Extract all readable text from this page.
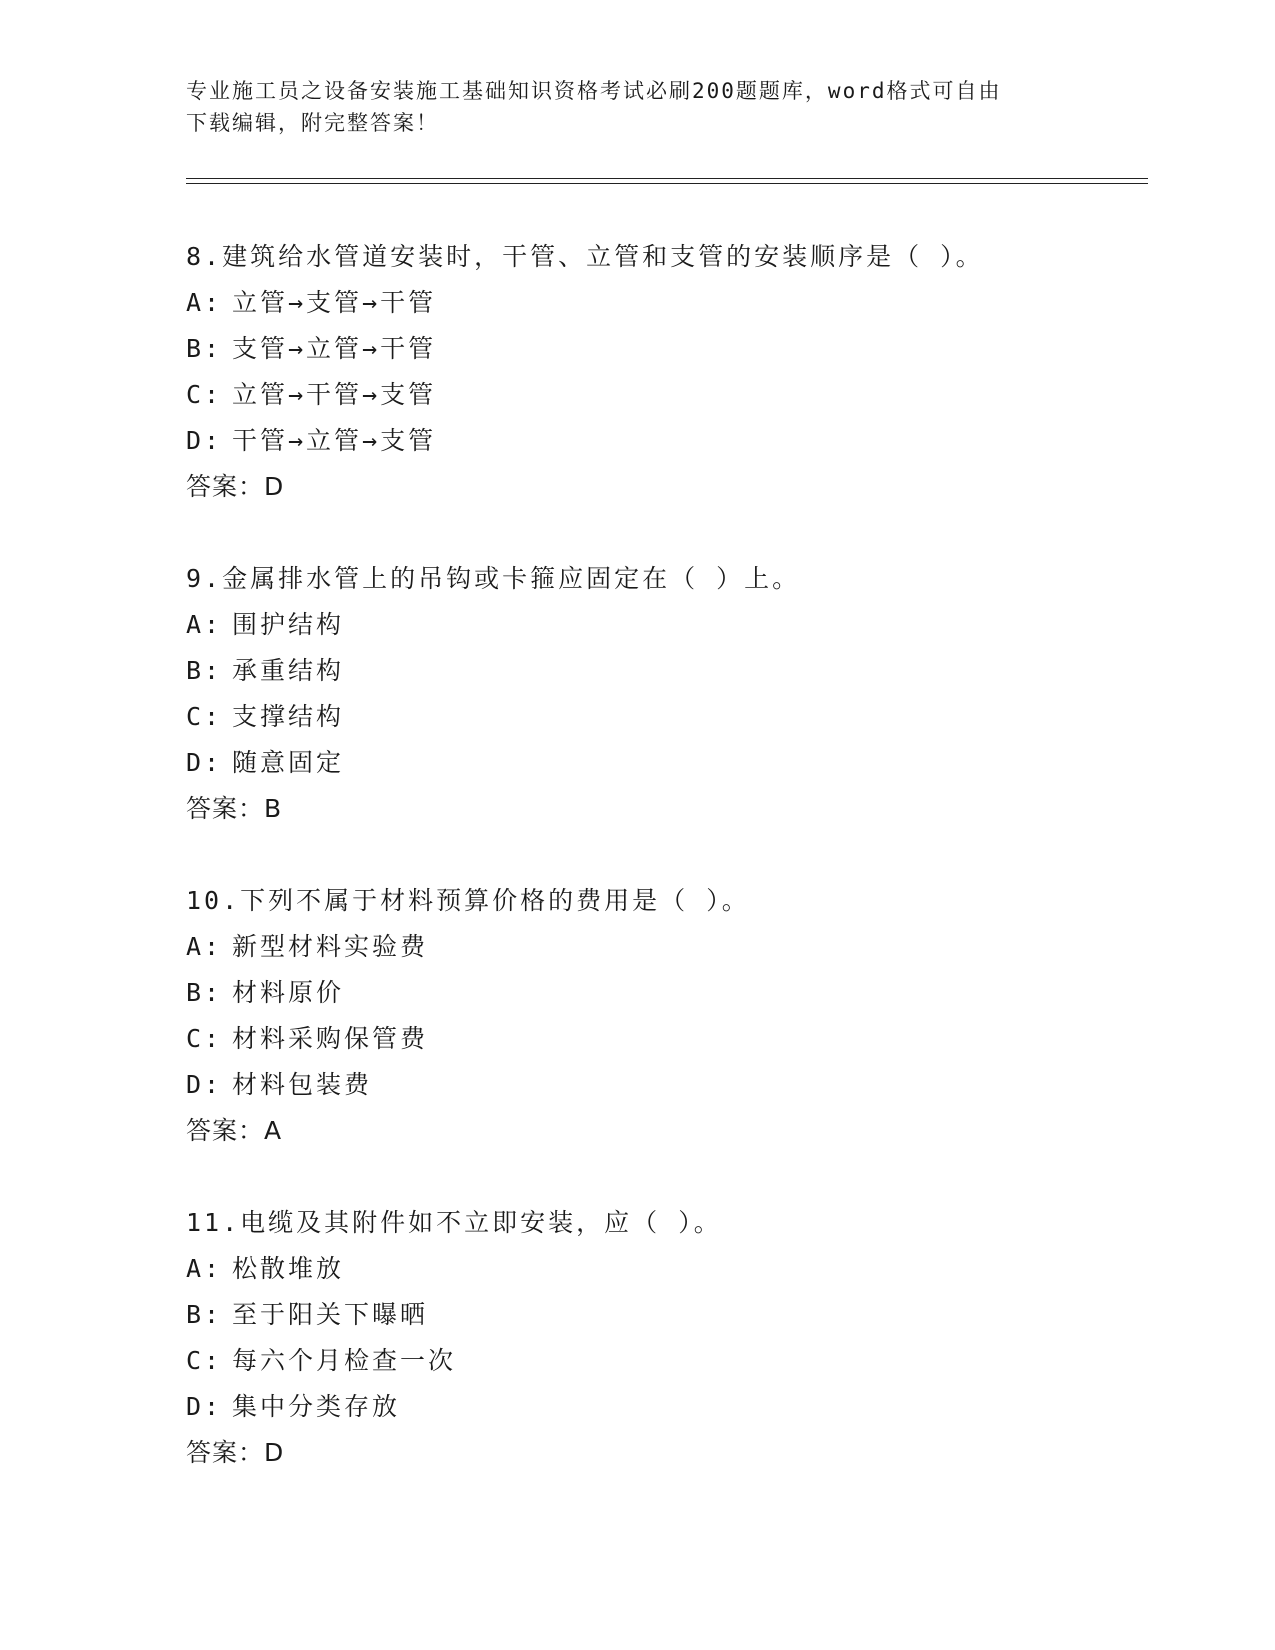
专业施工员之设备安装施工基础知识资格考试必刷200题题库，word格式可自由
下载编辑，附完整答案！
8.建筑给水管道安装时，干管、立管和支管的安装顺序是（ ）。
A: 立管→支管→干管
B: 支管→立管→干管
C: 立管→干管→支管
D: 干管→立管→支管
答案：D
9.金属排水管上的吊钩或卡箍应固定在（ ）上。
A: 围护结构
B: 承重结构
C: 支撑结构
D: 随意固定
答案：B
10.下列不属于材料预算价格的费用是（ ）。
A: 新型材料实验费
B: 材料原价
C: 材料采购保管费
D: 材料包装费
答案：A
11.电缆及其附件如不立即安装，应（ ）。
A: 松散堆放
B: 至于阳关下曝晒
C: 每六个月检查一次
D: 集中分类存放
答案：D
